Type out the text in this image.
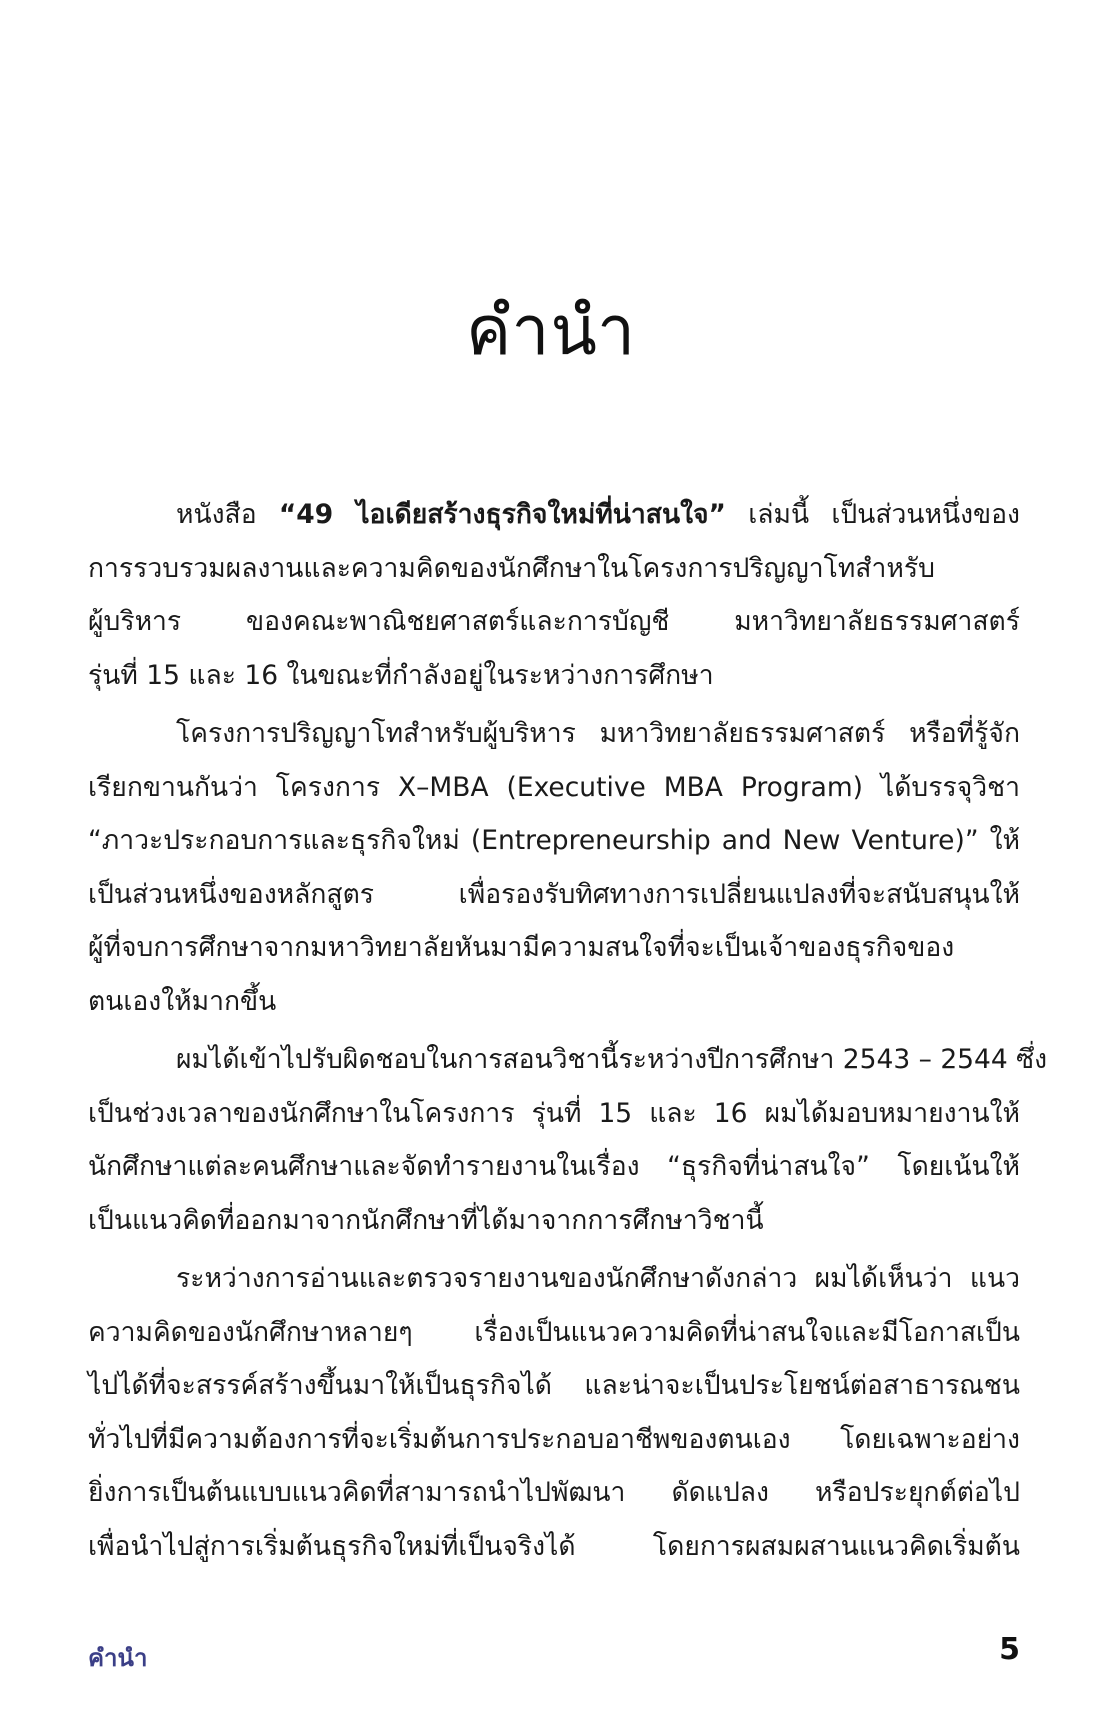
คำนำ
หนังสือ “49 ไอเดียสร้างธุรกิจใหม่ที่น่าสนใจ” เล่มนี้ เป็นส่วนหนึ่งของ
การรวบรวมผลงานและความคิดของนักศึกษาในโครงการปริญญาโทสำหรับ
ผู้บริหาร ของคณะพาณิชยศาสตร์และการบัญชี มหาวิทยาลัยธรรมศาสตร์
รุ่นที่ 15 และ 16 ในขณะที่กำลังอยู่ในระหว่างการศึกษา
โครงการปริญญาโทสำหรับผู้บริหาร มหาวิทยาลัยธรรมศาสตร์ หรือที่รู้จัก
เรียกขานกันว่า โครงการ X–MBA (Executive MBA Program) ได้บรรจุวิชา
“ภาวะประกอบการและธุรกิจใหม่ (Entrepreneurship and New Venture)” ให้
เป็นส่วนหนึ่งของหลักสูตร เพื่อรองรับทิศทางการเปลี่ยนแปลงที่จะสนับสนุนให้
ผู้ที่จบการศึกษาจากมหาวิทยาลัยหันมามีความสนใจที่จะเป็นเจ้าของธุรกิจของ
ตนเองให้มากขึ้น
ผมได้เข้าไปรับผิดชอบในการสอนวิชานี้ระหว่างปีการศึกษา 2543 – 2544 ซึ่ง
เป็นช่วงเวลาของนักศึกษาในโครงการ รุ่นที่ 15 และ 16 ผมได้มอบหมายงานให้
นักศึกษาแต่ละคนศึกษาและจัดทำรายงานในเรื่อง “ธุรกิจที่น่าสนใจ” โดยเน้นให้
เป็นแนวคิดที่ออกมาจากนักศึกษาที่ได้มาจากการศึกษาวิชานี้
ระหว่างการอ่านและตรวจรายงานของนักศึกษาดังกล่าว ผมได้เห็นว่า แนว
ความคิดของนักศึกษาหลายๆ เรื่องเป็นแนวความคิดที่น่าสนใจและมีโอกาสเป็น
ไปได้ที่จะสรรค์สร้างขึ้นมาให้เป็นธุรกิจได้ และน่าจะเป็นประโยชน์ต่อสาธารณชน
ทั่วไปที่มีความต้องการที่จะเริ่มต้นการประกอบอาชีพของตนเอง โดยเฉพาะอย่าง
ยิ่งการเป็นต้นแบบแนวคิดที่สามารถนำไปพัฒนา ดัดแปลง หรือประยุกต์ต่อไป
เพื่อนำไปสู่การเริ่มต้นธุรกิจใหม่ที่เป็นจริงได้ โดยการผสมผสานแนวคิดเริ่มต้น
คำนำ	5
